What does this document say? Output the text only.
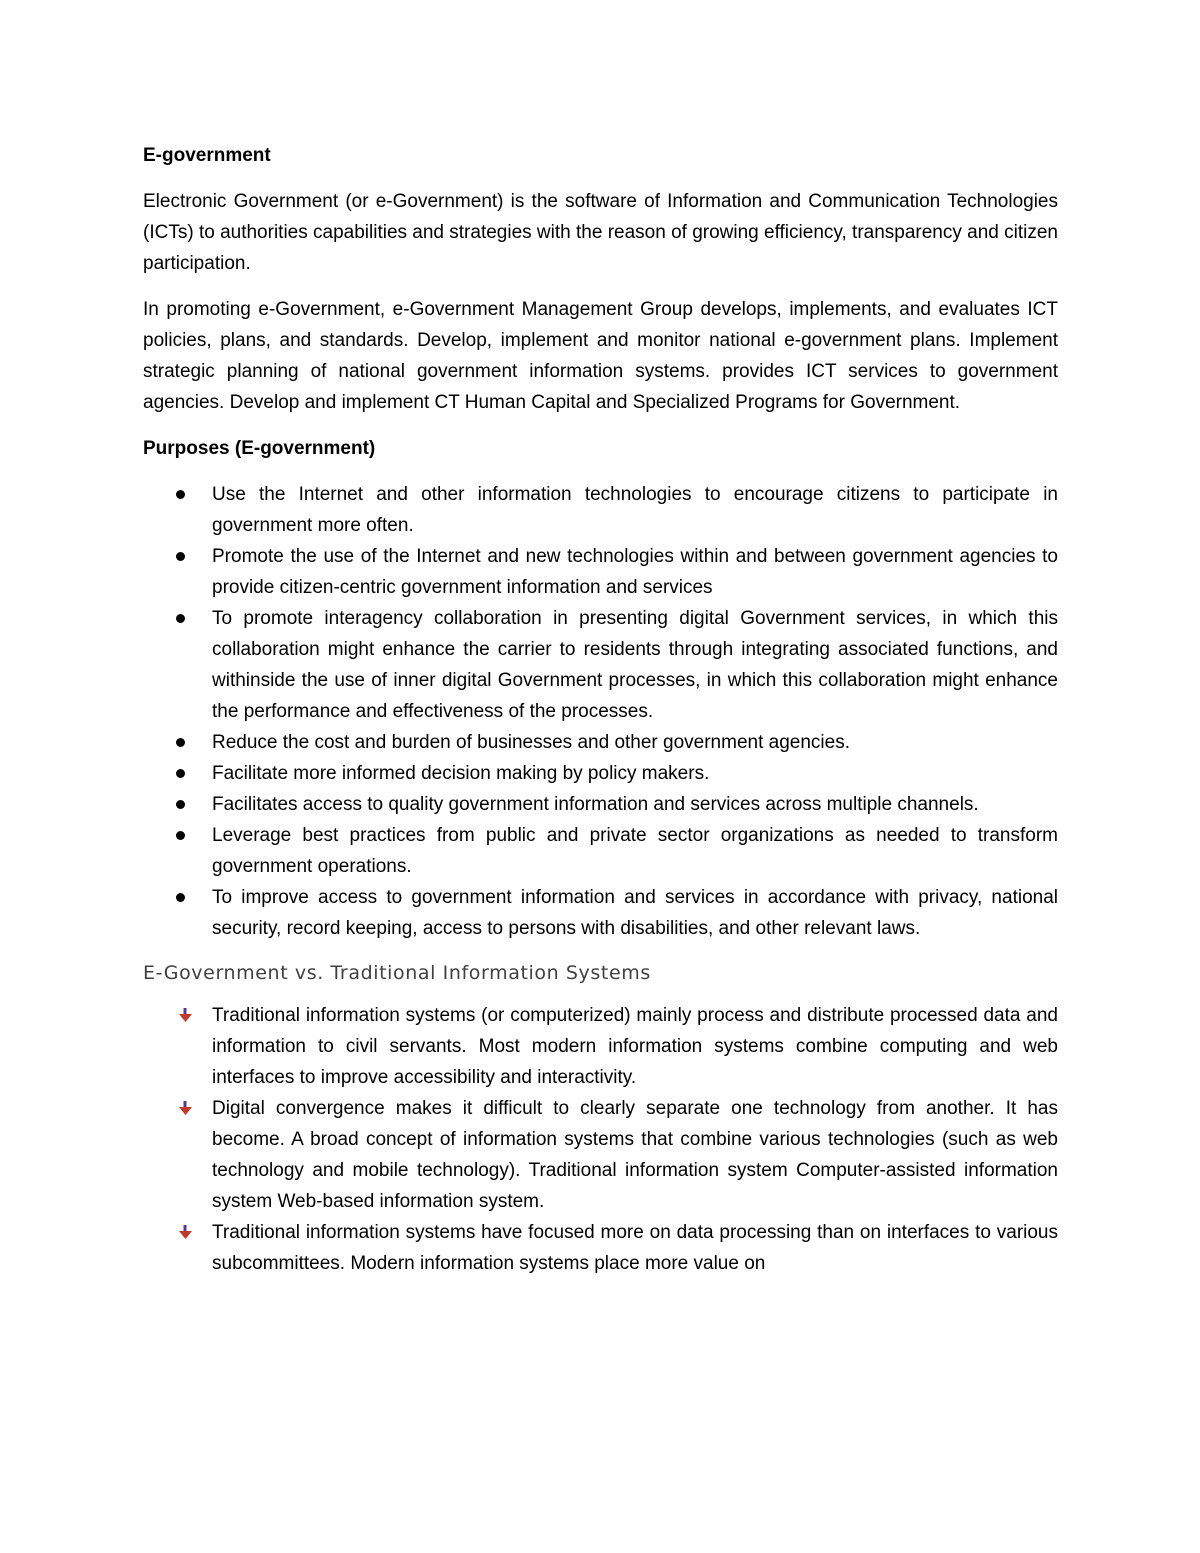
E-government

Electronic Government (or e-Government) is the software of Information and Communication Technologies (ICTs) to authorities capabilities and strategies with the reason of growing efficiency, transparency and citizen participation.

In promoting e-Government, e-Government Management Group develops, implements, and evaluates ICT policies, plans, and standards. Develop, implement and monitor national e-government plans. Implement strategic planning of national government information systems. provides ICT services to government agencies. Develop and implement CT Human Capital and Specialized Programs for Government.

Purposes (E-government)
Use the Internet and other information technologies to encourage citizens to participate in government more often.
Promote the use of the Internet and new technologies within and between government agencies to provide citizen-centric government information and services
To promote interagency collaboration in presenting digital Government services, in which this collaboration might enhance the carrier to residents through integrating associated functions, and withinside the use of inner digital Government processes, in which this collaboration might enhance the performance and effectiveness of the processes.
Reduce the cost and burden of businesses and other government agencies.
Facilitate more informed decision making by policy makers.
Facilitates access to quality government information and services across multiple channels.
Leverage best practices from public and private sector organizations as needed to transform government operations.
To improve access to government information and services in accordance with privacy, national security, record keeping, access to persons with disabilities, and other relevant laws.
E-Government vs. Traditional Information Systems
Traditional information systems (or computerized) mainly process and distribute processed data and information to civil servants. Most modern information systems combine computing and web interfaces to improve accessibility and interactivity.
Digital convergence makes it difficult to clearly separate one technology from another. It has become. A broad concept of information systems that combine various technologies (such as web technology and mobile technology). Traditional information system Computer-assisted information system Web-based information system.
Traditional information systems have focused more on data processing than on interfaces to various subcommittees. Modern information systems place more value on
